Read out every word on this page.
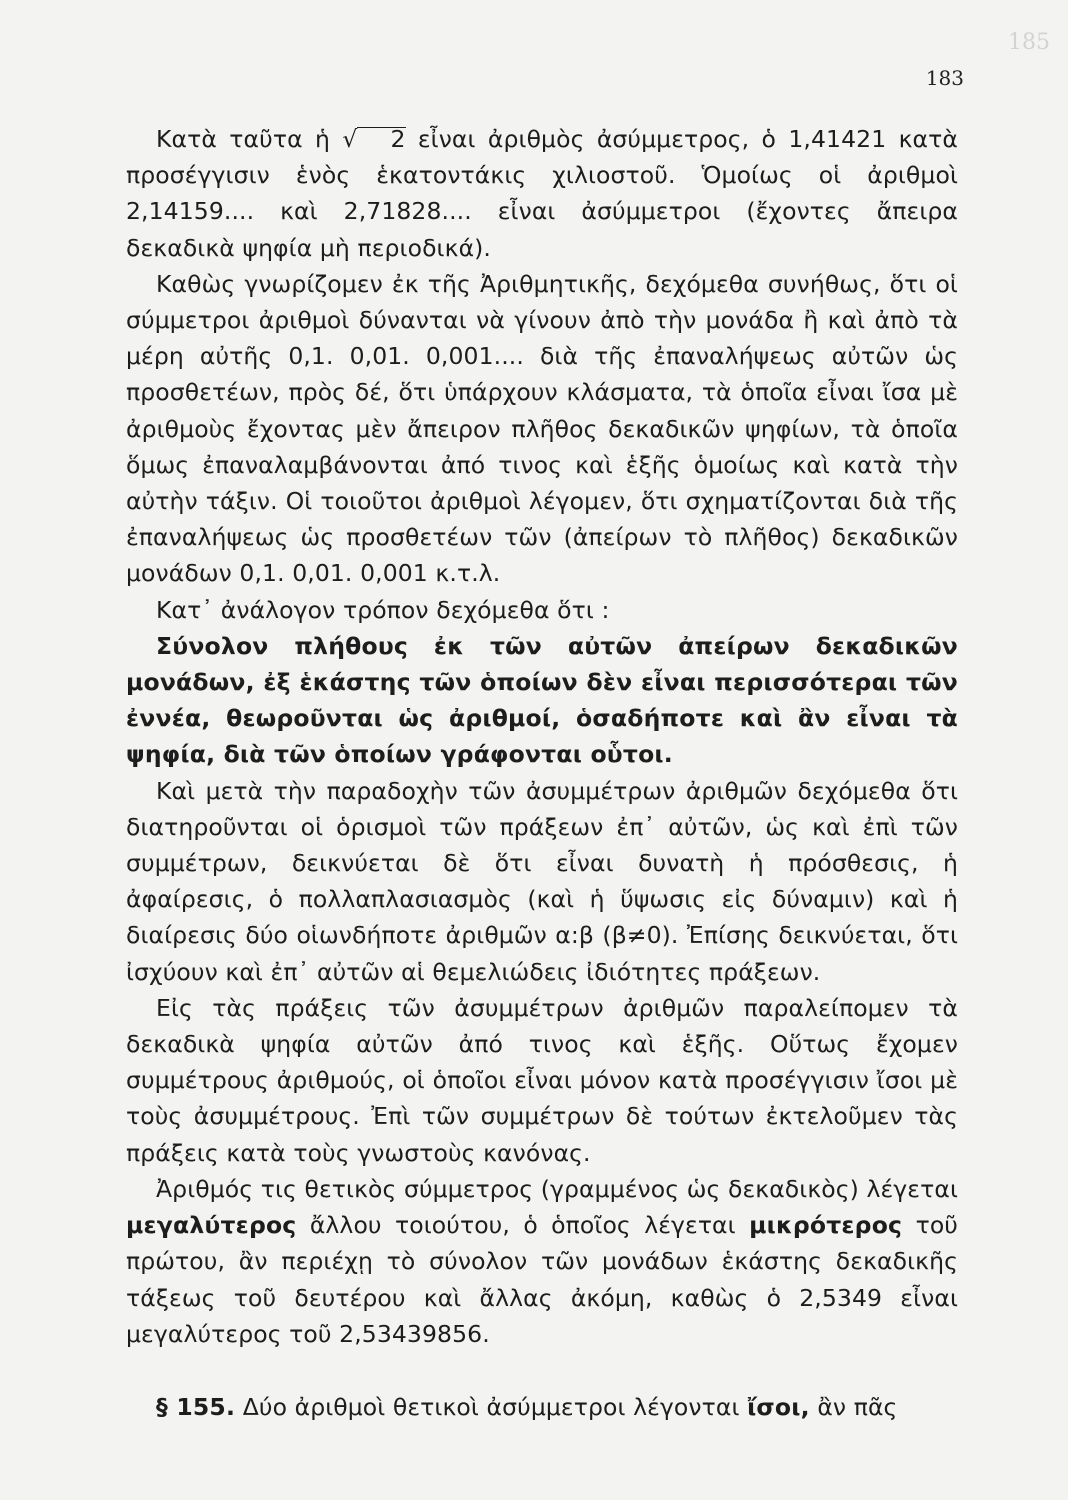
185
183

Κατὰ ταῦτα ἡ √ 2 εἶναι ἀριθμὸς ἀσύμμετρος, ὁ 1,41421 κατὰ προσέγγισιν ἑνὸς ἑκατοντάκις χιλιοστοῦ. Ὁμοίως οἱ ἀριθμοὶ 2,14159.... καὶ 2,71828.... εἶναι ἀσύμμετροι (ἔχοντες ἄπειρα δεκαδικὰ ψηφία μὴ περιοδικά).

Καθὼς γνωρίζομεν ἐκ τῆς Ἀριθμητικῆς, δεχόμεθα συνήθως, ὅτι οἱ σύμμετροι ἀριθμοὶ δύνανται νὰ γίνουν ἀπὸ τὴν μονάδα ἢ καὶ ἀπὸ τὰ μέρη αὐτῆς 0,1. 0,01. 0,001.... διὰ τῆς ἐπαναλήψεως αὐτῶν ὡς προσθετέων, πρὸς δέ, ὅτι ὑπάρχουν κλάσματα, τὰ ὁποῖα εἶναι ἴσα μὲ ἀριθμοὺς ἔχοντας μὲν ἄπειρον πλῆθος δεκαδικῶν ψηφίων, τὰ ὁποῖα ὅμως ἐπαναλαμβάνονται ἀπό τινος καὶ ἑξῆς ὁμοίως καὶ κατὰ τὴν αὐτὴν τάξιν. Οἱ τοιοῦτοι ἀριθμοὶ λέγομεν, ὅτι σχηματίζονται διὰ τῆς ἐπαναλήψεως ὡς προσθετέων τῶν (ἀπείρων τὸ πλῆθος) δεκαδικῶν μονάδων 0,1. 0,01. 0,001 κ.τ.λ.

Κατ᾽ ἀνάλογον τρόπον δεχόμεθα ὅτι :

Σύνολον πλήθους ἐκ τῶν αὐτῶν ἀπείρων δεκαδικῶν μονάδων, ἐξ ἑκάστης τῶν ὁποίων δὲν εἶναι περισσότεραι τῶν ἐννέα, θεωροῦνται ὡς ἀριθμοί, ὁσαδήποτε καὶ ἂν εἶναι τὰ ψηφία, διὰ τῶν ὁποίων γράφονται οὗτοι.

Καὶ μετὰ τὴν παραδοχὴν τῶν ἀσυμμέτρων ἀριθμῶν δεχόμεθα ὅτι διατηροῦνται οἱ ὁρισμοὶ τῶν πράξεων ἐπ᾽ αὐτῶν, ὡς καὶ ἐπὶ τῶν συμμέτρων, δεικνύεται δὲ ὅτι εἶναι δυνατὴ ἡ πρόσθεσις, ἡ ἀφαίρεσις, ὁ πολλαπλασιασμὸς (καὶ ἡ ὕψωσις εἰς δύναμιν) καὶ ἡ διαίρεσις δύο οἱωνδήποτε ἀριθμῶν α:β (β≠0). Ἐπίσης δεικνύεται, ὅτι ἰσχύουν καὶ ἐπ᾽ αὐτῶν αἱ θεμελιώδεις ἰδιότητες πράξεων.

Εἰς τὰς πράξεις τῶν ἀσυμμέτρων ἀριθμῶν παραλείπομεν τὰ δεκαδικὰ ψηφία αὐτῶν ἀπό τινος καὶ ἑξῆς. Οὕτως ἔχομεν συμμέτρους ἀριθμούς, οἱ ὁποῖοι εἶναι μόνον κατὰ προσέγγισιν ἴσοι μὲ τοὺς ἀσυμμέτρους. Ἐπὶ τῶν συμμέτρων δὲ τούτων ἐκτελοῦμεν τὰς πράξεις κατὰ τοὺς γνωστοὺς κανόνας.

Ἀριθμός τις θετικὸς σύμμετρος (γραμμένος ὡς δεκαδικὸς) λέγεται μεγαλύτερος ἄλλου τοιούτου, ὁ ὁποῖος λέγεται μικρότερος τοῦ πρώτου, ἂν περιέχῃ τὸ σύνολον τῶν μονάδων ἑκάστης δεκαδικῆς τάξεως τοῦ δευτέρου καὶ ἄλλας ἀκόμη, καθὼς ὁ 2,5349 εἶναι μεγαλύτερος τοῦ 2,53439856.

§ 155. Δύο ἀριθμοὶ θετικοὶ ἀσύμμετροι λέγονται ἴσοι, ἂν πᾶς
